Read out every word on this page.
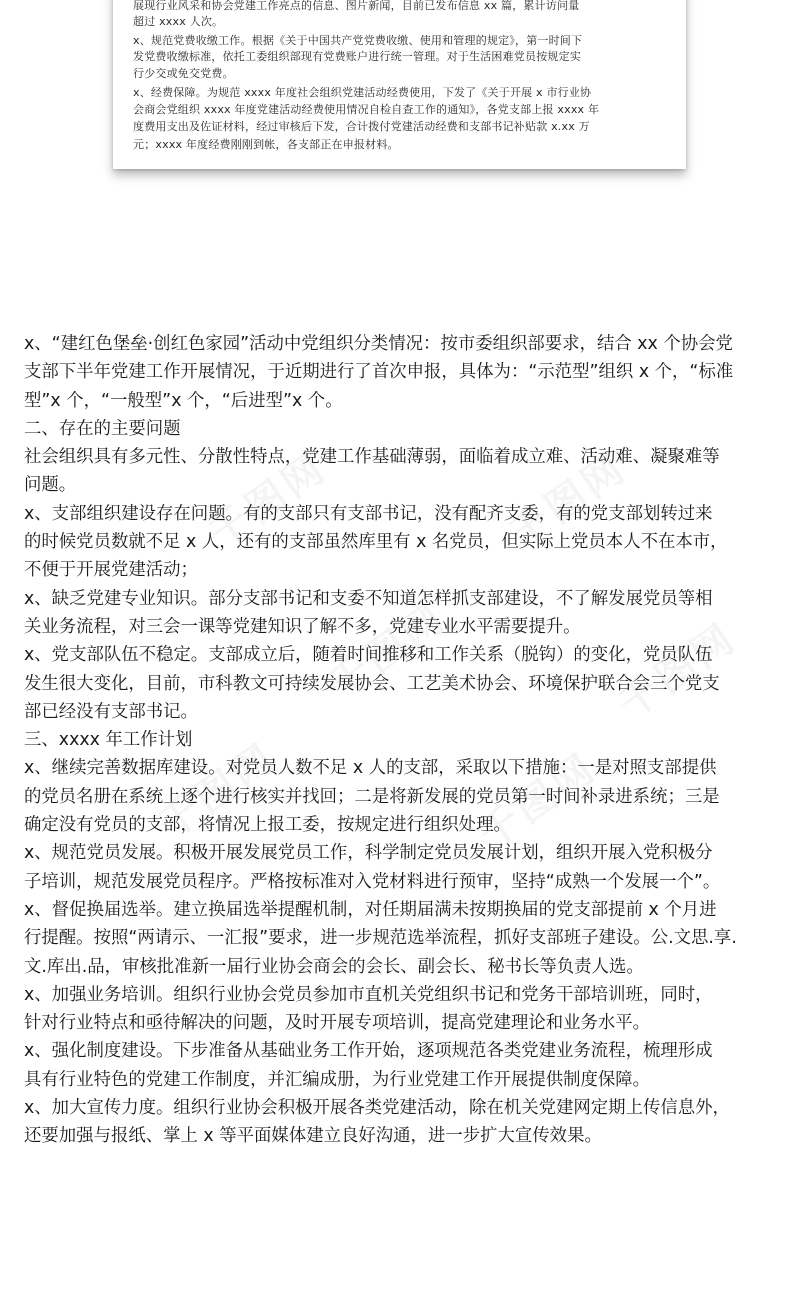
展现行业风采和协会党建工作亮点的信息、图片新闻，目前已发布信息 xx 篇，累计访问量
超过 xxxx 人次。
x、规范党费收缴工作。根据《关于中国共产党党费收缴、使用和管理的规定》，第一时间下
发党费收缴标准，依托工委组织部现有党费账户进行统一管理。对于生活困难党员按规定实
行少交或免交党费。
x、经费保障。为规范 xxxx 年度社会组织党建活动经费使用，下发了《关于开展 x 市行业协
会商会党组织 xxxx 年度党建活动经费使用情况自检自查工作的通知》，各党支部上报 xxxx 年
度费用支出及佐证材料，经过审核后下发，合计拨付党建活动经费和支部书记补贴款 x.xx 万
元；xxxx 年度经费刚刚到帐，各支部正在申报材料。
x、“建红色堡垒·创红色家园”活动中党组织分类情况：按市委组织部要求，结合 xx 个协会党
支部下半年党建工作开展情况，于近期进行了首次申报，具体为：“示范型”组织 x 个，“标准
型”x 个，“一般型”x 个，“后进型”x 个。
二、存在的主要问题
社会组织具有多元性、分散性特点，党建工作基础薄弱，面临着成立难、活动难、凝聚难等
问题。
x、支部组织建设存在问题。有的支部只有支部书记，没有配齐支委，有的党支部划转过来
的时候党员数就不足 x 人，还有的支部虽然库里有 x 名党员，但实际上党员本人不在本市，
不便于开展党建活动；
x、缺乏党建专业知识。部分支部书记和支委不知道怎样抓支部建设，不了解发展党员等相
关业务流程，对三会一课等党建知识了解不多，党建专业水平需要提升。
x、党支部队伍不稳定。支部成立后，随着时间推移和工作关系（脱钩）的变化，党员队伍
发生很大变化，目前，市科教文可持续发展协会、工艺美术协会、环境保护联合会三个党支
部已经没有支部书记。
三、xxxx 年工作计划
x、继续完善数据库建设。对党员人数不足 x 人的支部，采取以下措施：一是对照支部提供
的党员名册在系统上逐个进行核实并找回；二是将新发展的党员第一时间补录进系统；三是
确定没有党员的支部，将情况上报工委，按规定进行组织处理。
x、规范党员发展。积极开展发展党员工作，科学制定党员发展计划，组织开展入党积极分
子培训，规范发展党员程序。严格按标准对入党材料进行预审，坚持“成熟一个发展一个”。
x、督促换届选举。建立换届选举提醒机制，对任期届满未按期换届的党支部提前 x 个月进
行提醒。按照“两请示、一汇报”要求，进一步规范选举流程，抓好支部班子建设。公.文思.享.
文.库出.品，审核批准新一届行业协会商会的会长、副会长、秘书长等负责人选。
x、加强业务培训。组织行业协会党员参加市直机关党组织书记和党务干部培训班，同时，
针对行业特点和亟待解决的问题，及时开展专项培训，提高党建理论和业务水平。
x、强化制度建设。下步准备从基础业务工作开始，逐项规范各类党建业务流程，梳理形成
具有行业特色的党建工作制度，并汇编成册，为行业党建工作开展提供制度保障。
x、加大宣传力度。组织行业协会积极开展各类党建活动，除在机关党建网定期上传信息外，
还要加强与报纸、掌上 x 等平面媒体建立良好沟通，进一步扩大宣传效果。
